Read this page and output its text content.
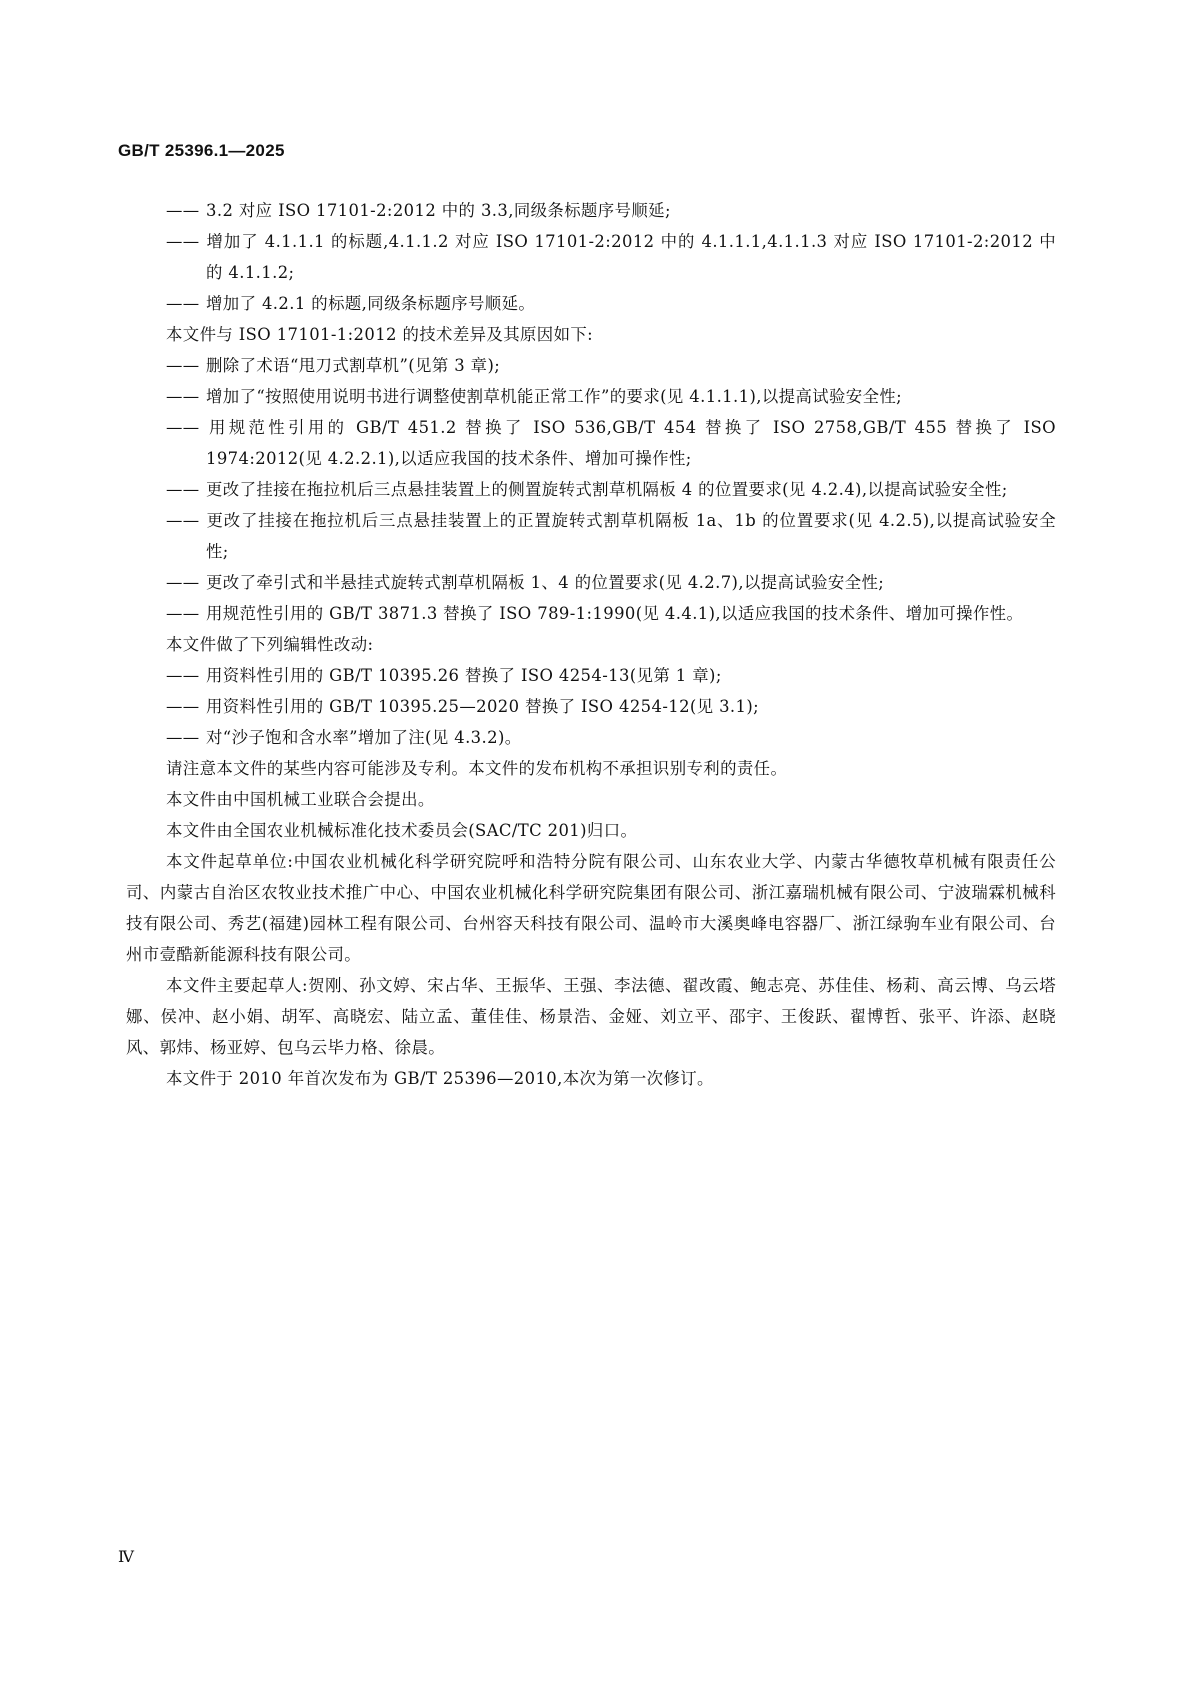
GB/T 25396.1—2025

—— 3.2 对应 ISO 17101-2:2012 中的 3.3,同级条标题序号顺延;

—— 增加了 4.1.1.1 的标题,4.1.1.2 对应 ISO 17101-2:2012 中的 4.1.1.1,4.1.1.3 对应 ISO 17101-2:2012 中的 4.1.1.2;

—— 增加了 4.2.1 的标题,同级条标题序号顺延。

本文件与 ISO 17101-1:2012 的技术差异及其原因如下:

—— 删除了术语“甩刀式割草机”(见第 3 章);

—— 增加了“按照使用说明书进行调整使割草机能正常工作”的要求(见 4.1.1.1),以提高试验安全性;

—— 用规范性引用的 GB/T 451.2 替换了 ISO 536,GB/T 454 替换了 ISO 2758,GB/T 455 替换了 ISO 1974:2012(见 4.2.2.1),以适应我国的技术条件、增加可操作性;

—— 更改了挂接在拖拉机后三点悬挂装置上的侧置旋转式割草机隔板 4 的位置要求(见 4.2.4),以提高试验安全性;

—— 更改了挂接在拖拉机后三点悬挂装置上的正置旋转式割草机隔板 1a、1b 的位置要求(见 4.2.5),以提高试验安全性;

—— 更改了牵引式和半悬挂式旋转式割草机隔板 1、4 的位置要求(见 4.2.7),以提高试验安全性;

—— 用规范性引用的 GB/T 3871.3 替换了 ISO 789-1:1990(见 4.4.1),以适应我国的技术条件、增加可操作性。

本文件做了下列编辑性改动:

—— 用资料性引用的 GB/T 10395.26 替换了 ISO 4254-13(见第 1 章);

—— 用资料性引用的 GB/T 10395.25—2020 替换了 ISO 4254-12(见 3.1);

—— 对“沙子饱和含水率”增加了注(见 4.3.2)。

请注意本文件的某些内容可能涉及专利。本文件的发布机构不承担识别专利的责任。

本文件由中国机械工业联合会提出。

本文件由全国农业机械标准化技术委员会(SAC/TC 201)归口。

本文件起草单位:中国农业机械化科学研究院呼和浩特分院有限公司、山东农业大学、内蒙古华德牧草机械有限责任公司、内蒙古自治区农牧业技术推广中心、中国农业机械化科学研究院集团有限公司、浙江嘉瑞机械有限公司、宁波瑞霖机械科技有限公司、秀艺(福建)园林工程有限公司、台州容天科技有限公司、温岭市大溪奥峰电容器厂、浙江绿驹车业有限公司、台州市壹酷新能源科技有限公司。

本文件主要起草人:贺刚、孙文婷、宋占华、王振华、王强、李法德、翟改霞、鲍志亮、苏佳佳、杨莉、高云博、乌云塔娜、侯冲、赵小娟、胡军、高晓宏、陆立孟、董佳佳、杨景浩、金娅、刘立平、邵宇、王俊跃、翟博哲、张平、许添、赵晓风、郭炜、杨亚婷、包乌云毕力格、徐晨。

本文件于 2010 年首次发布为 GB/T 25396—2010,本次为第一次修订。

Ⅳ
